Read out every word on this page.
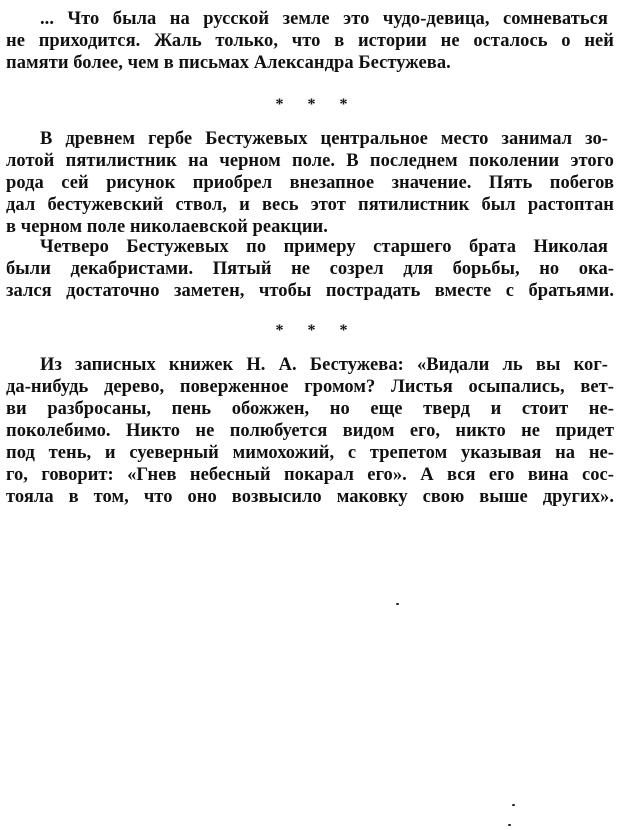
... Что была на русской земле это чудо-девица, сомневаться
не приходится. Жаль только, что в истории не осталось о ней
памяти более, чем в письмах Александра Бестужева.
* * *
В древнем гербе Бестужевых центральное место занимал зо-
лотой пятилистник на черном поле. В последнем поколении этого
рода сей рисунок приобрел внезапное значение. Пять побегов
дал бестужевский ствол, и весь этот пятилистник был растоптан
в черном поле николаевской реакции.
Четверо Бестужевых по примеру старшего брата Николая
были декабристами. Пятый не созрел для борьбы, но ока-
зался достаточно заметен, чтобы пострадать вместе с братьями.
* * *
Из записных книжек Н. А. Бестужева: «Видали ль вы ког-
да-нибудь дерево, поверженное громом? Листья осыпались, вет-
ви разбросаны, пень обожжен, но еще тверд и стоит не-
поколебимо. Никто не полюбуется видом его, никто не придет
под тень, и суеверный мимохожий, с трепетом указывая на не-
го, говорит: «Гнев небесный покарал его». А вся его вина сос-
тояла в том, что оно возвысило маковку свою выше других».
